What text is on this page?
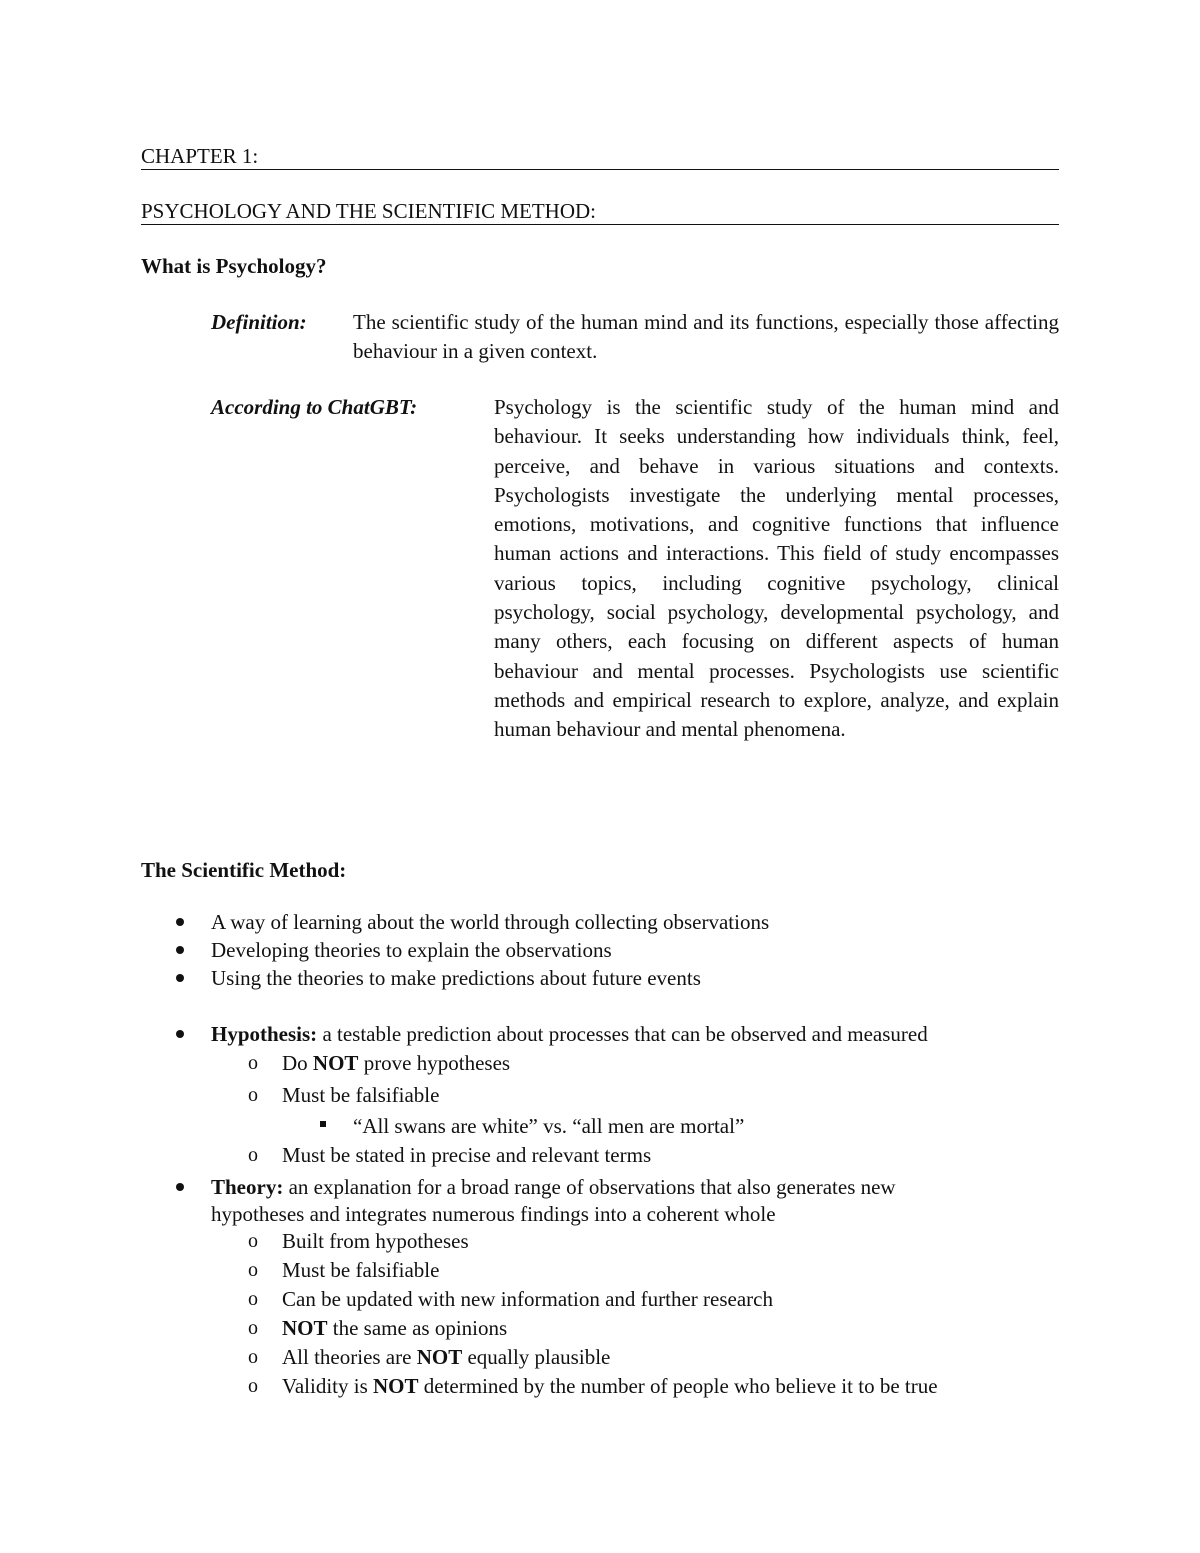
CHAPTER 1:
PSYCHOLOGY AND THE SCIENTIFIC METHOD:
What is Psychology?
Definition: The scientific study of the human mind and its functions, especially those affecting behaviour in a given context.
According to ChatGBT:	Psychology is the scientific study of the human mind and behaviour. It seeks understanding how individuals think, feel, perceive, and behave in various situations and contexts. Psychologists investigate the underlying mental processes, emotions, motivations, and cognitive functions that influence human actions and interactions. This field of study encompasses various topics, including cognitive psychology, clinical psychology, social psychology, developmental psychology, and many others, each focusing on different aspects of human behaviour and mental processes. Psychologists use scientific methods and empirical research to explore, analyze, and explain human behaviour and mental phenomena.
The Scientific Method:
A way of learning about the world through collecting observations
Developing theories to explain the observations
Using the theories to make predictions about future events
Hypothesis: a testable prediction about processes that can be observed and measured
o Do NOT prove hypotheses
o Must be falsifiable
“All swans are white” vs. “all men are mortal”
o Must be stated in precise and relevant terms
Theory: an explanation for a broad range of observations that also generates new
hypotheses and integrates numerous findings into a coherent whole
o Built from hypotheses
o Must be falsifiable
o Can be updated with new information and further research
o NOT the same as opinions
o All theories are NOT equally plausible
o Validity is NOT determined by the number of people who believe it to be true
